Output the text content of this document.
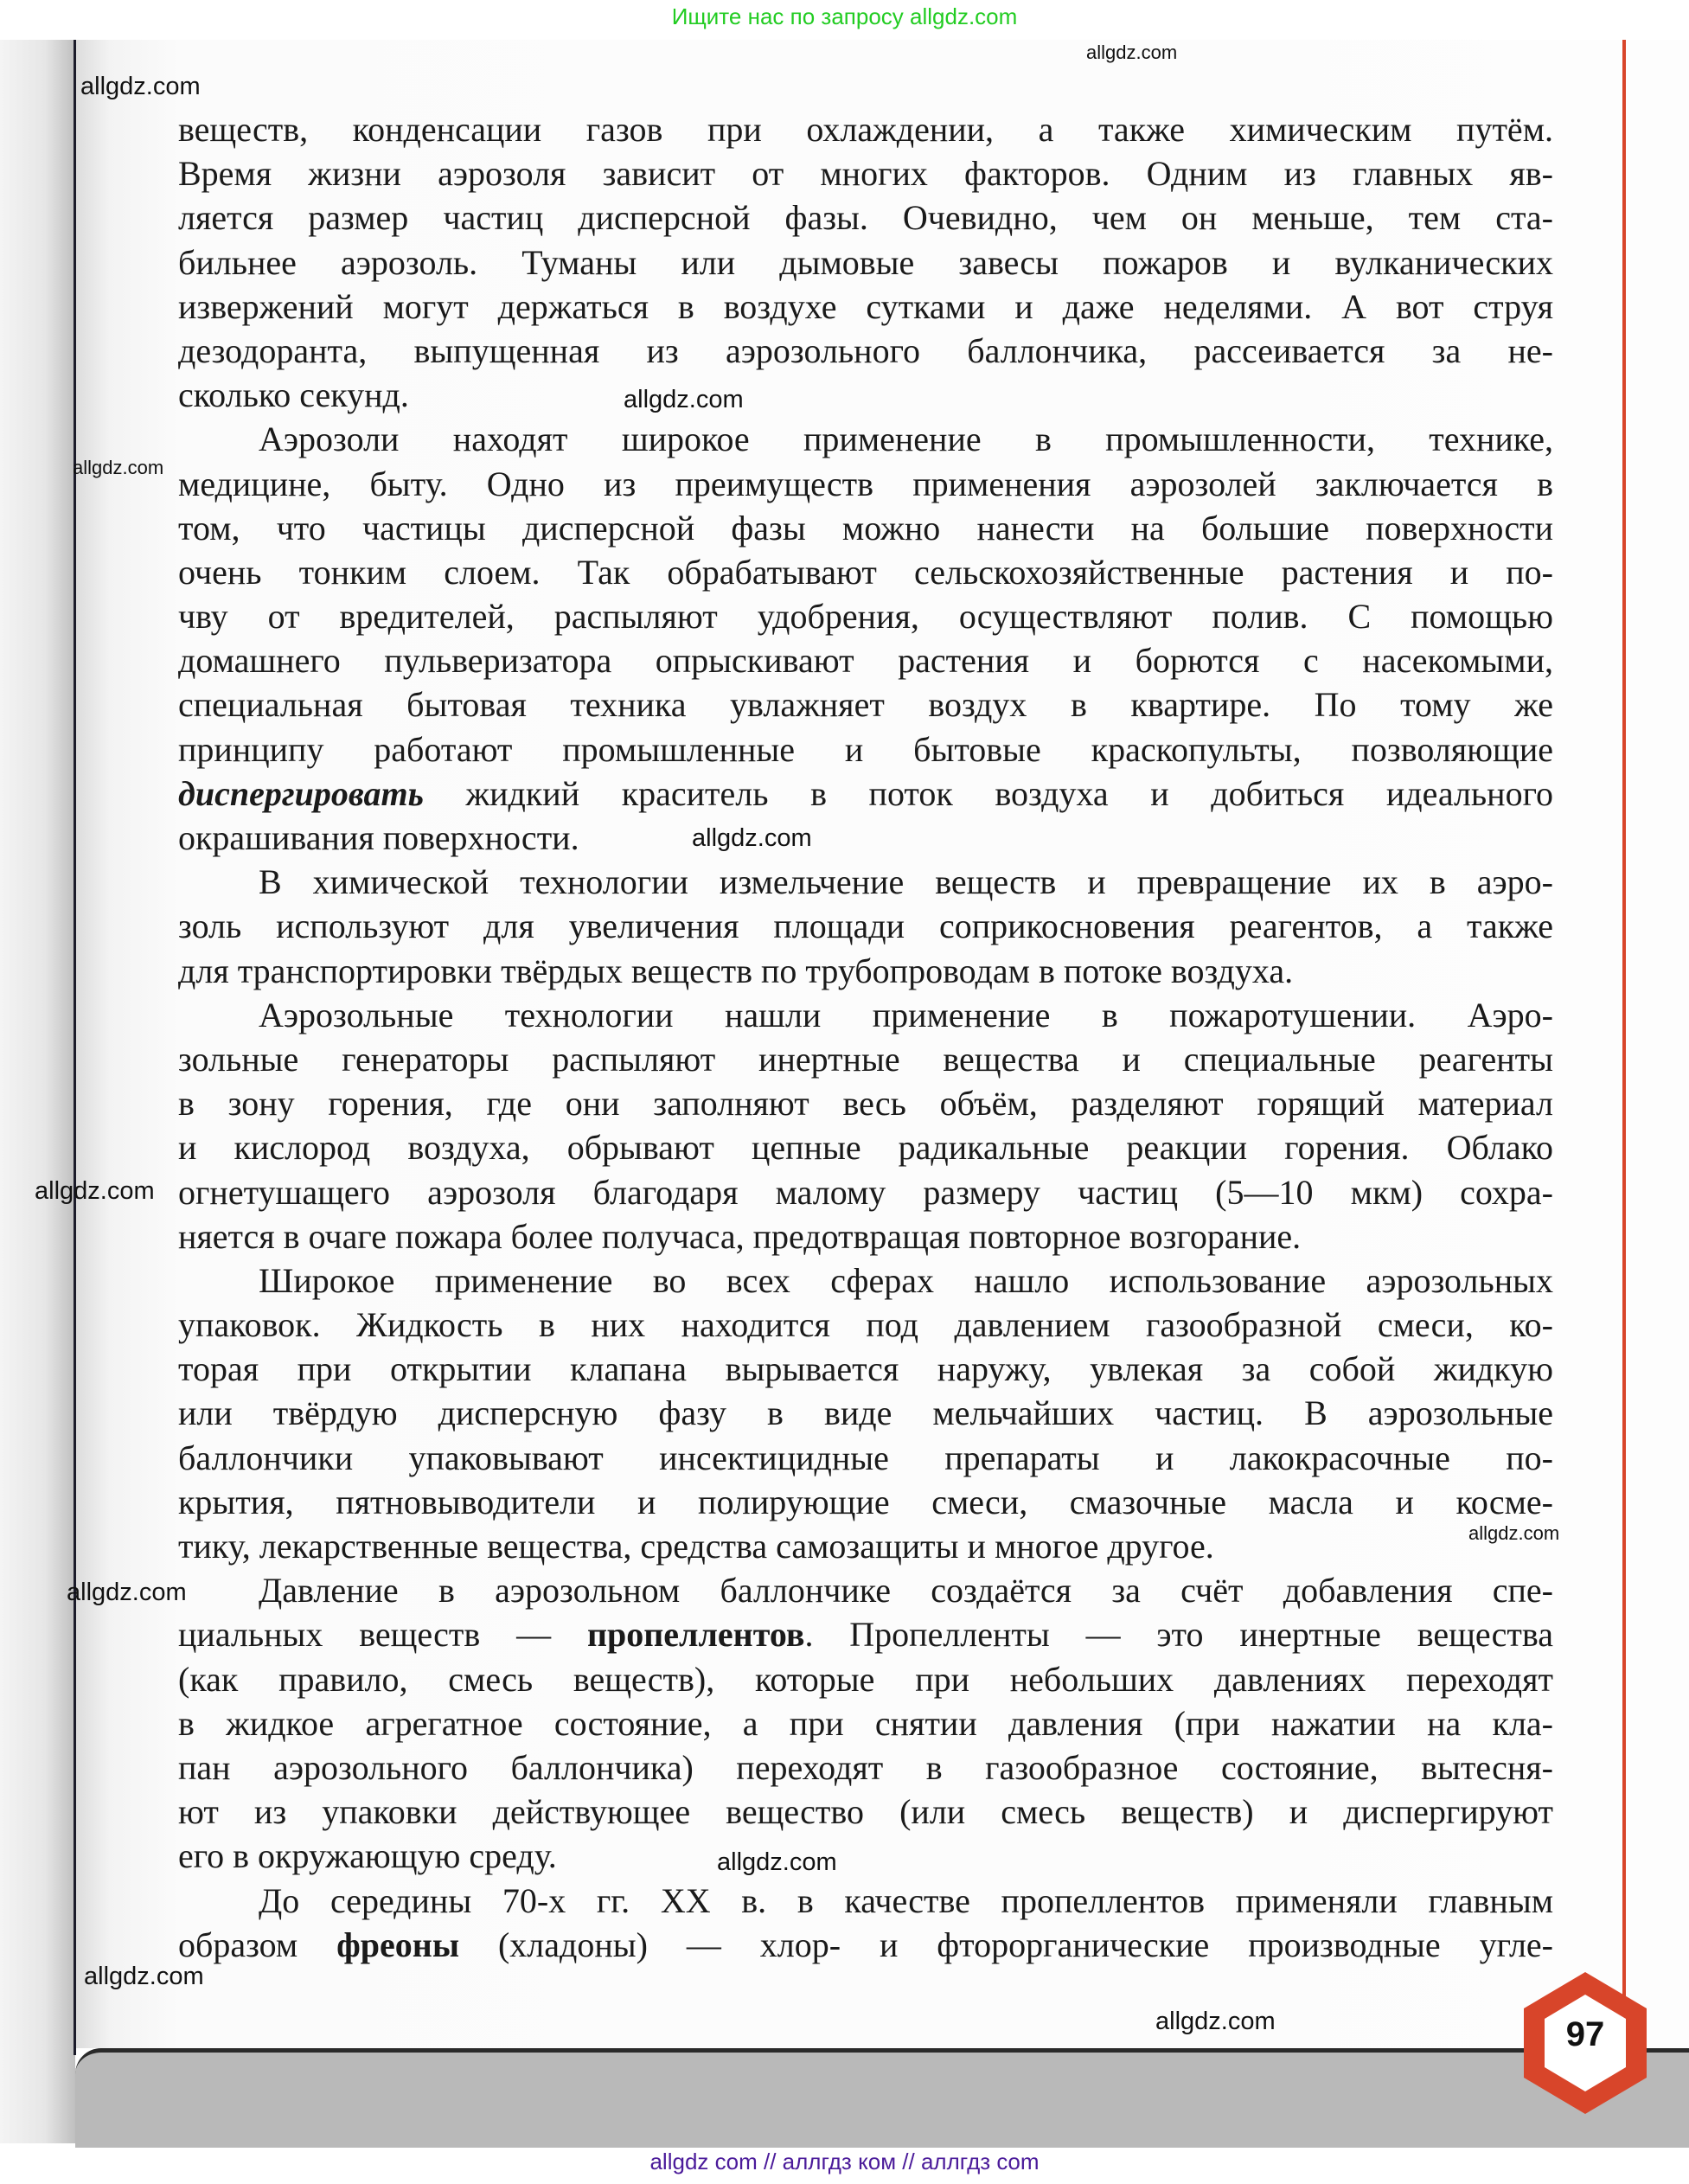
Ищите нас по запросу allgdz.com
97
веществ, конденсации газов при охлаждении, а также химическим путём.
Время жизни аэрозоля зависит от многих факторов. Одним из главных яв-
ляется размер частиц дисперсной фазы. Очевидно, чем он меньше, тем ста-
бильнее аэрозоль. Туманы или дымовые завесы пожаров и вулканических
извержений могут держаться в воздухе сутками и даже неделями. А вот струя
дезодоранта, выпущенная из аэрозольного баллончика, рассеивается за не-
сколько секунд.
Аэрозоли находят широкое применение в промышленности, технике,
медицине, быту. Одно из преимуществ применения аэрозолей заключается в
том, что частицы дисперсной фазы можно нанести на большие поверхности
очень тонким слоем. Так обрабатывают сельскохозяйственные растения и по-
чву от вредителей, распыляют удобрения, осуществляют полив. С помощью
домашнего пульверизатора опрыскивают растения и борются с насекомыми,
специальная бытовая техника увлажняет воздух в квартире. По тому же
принципу работают промышленные и бытовые краскопульты, позволяющие
диспергировать жидкий краситель в поток воздуха и добиться идеального
окрашивания поверхности.
В химической технологии измельчение веществ и превращение их в аэро-
золь используют для увеличения площади соприкосновения реагентов, а также
для транспортировки твёрдых веществ по трубопроводам в потоке воздуха.
Аэрозольные технологии нашли применение в пожаротушении. Аэро-
зольные генераторы распыляют инертные вещества и специальные реагенты
в зону горения, где они заполняют весь объём, разделяют горящий материал
и кислород воздуха, обрывают цепные радикальные реакции горения. Облако
огнетушащего аэрозоля благодаря малому размеру частиц (5—10 мкм) сохра-
няется в очаге пожара более получаса, предотвращая повторное возгорание.
Широкое применение во всех сферах нашло использование аэрозольных
упаковок. Жидкость в них находится под давлением газообразной смеси, ко-
торая при открытии клапана вырывается наружу, увлекая за собой жидкую
или твёрдую дисперсную фазу в виде мельчайших частиц. В аэрозольные
баллончики упаковывают инсектицидные препараты и лакокрасочные по-
крытия, пятновыводители и полирующие смеси, смазочные масла и косме-
тику, лекарственные вещества, средства самозащиты и многое другое.
Давление в аэрозольном баллончике создаётся за счёт добавления спе-
циальных веществ — пропеллентов. Пропелленты — это инертные вещества
(как правило, смесь веществ), которые при небольших давлениях переходят
в жидкое агрегатное состояние, а при снятии давления (при нажатии на кла-
пан аэрозольного баллончика) переходят в газообразное состояние, вытесня-
ют из упаковки действующее вещество (или смесь веществ) и диспергируют
его в окружающую среду.
До середины 70-х гг. XX в. в качестве пропеллентов применяли главным
образом фреоны (хладоны) — хлор- и фторорганические производные угле-
allgdz.com
allgdz.com
allgdz.com
allgdz.com
allgdz.com
allgdz.com
allgdz.com
allgdz.com
allgdz.com
allgdz.com
allgdz.com
allgdz com // аллгдз ком // аллгдз com
